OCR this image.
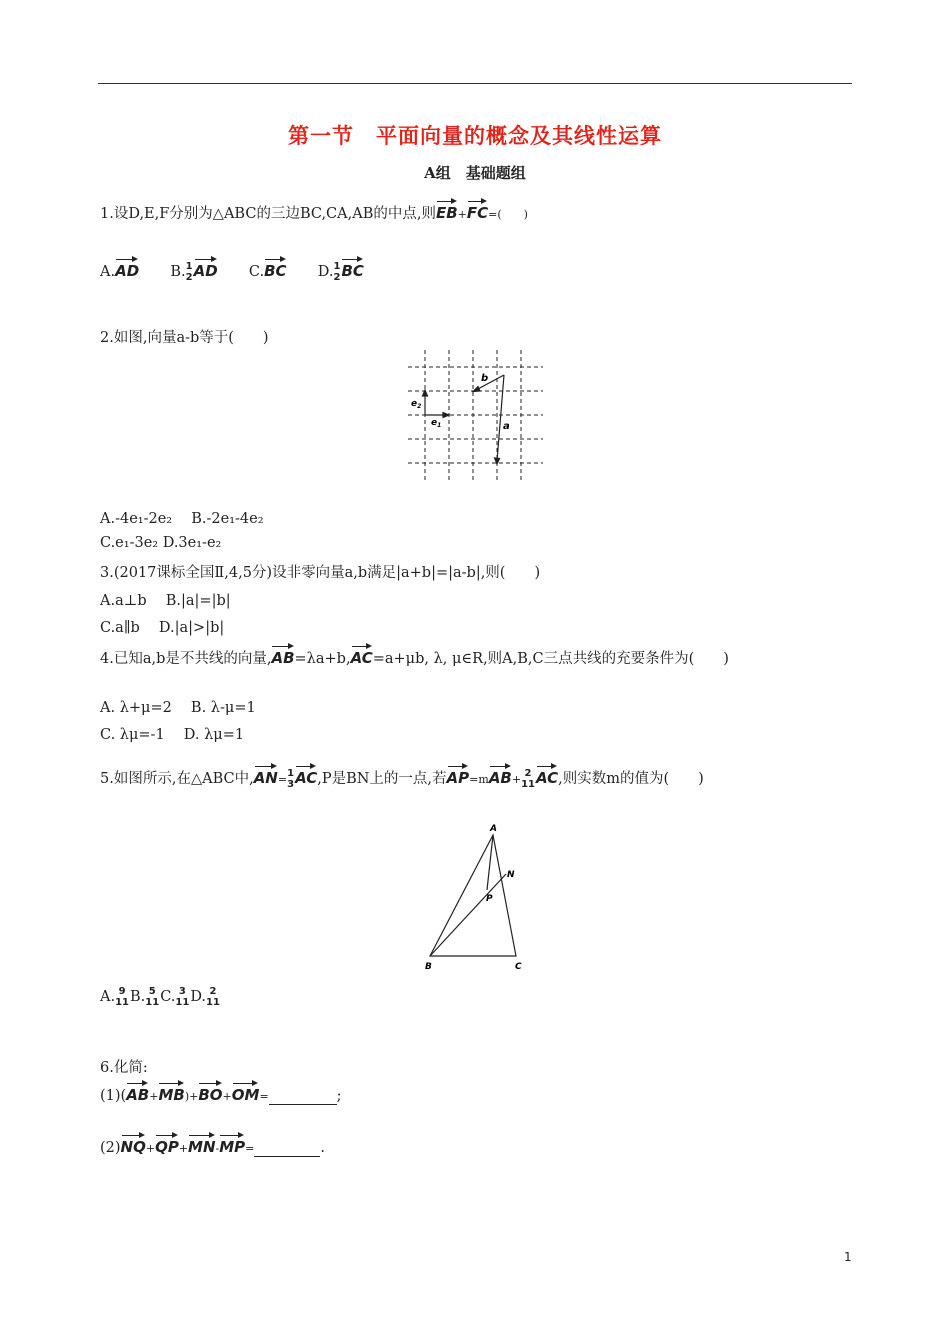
第一节　平面向量的概念及其线性运算
A组　基础题组
1.设D,E,F分别为△ABC的三边BC,CA,AB的中点,则EB+FC=(　　)
A.AD B. 1
2 AD C.BC D. 1
2 BC
2.如图,向量a-b等于(　　)
b
a
$e_2$
$e_1$
A.-4e₁-2e₂　 B.-2e₁-4e₂
C.e₁-3e₂ D.3e₁-e₂
3.(2017课标全国Ⅱ,4,5分)设非零向量a,b满足|a+b|=|a-b|,则(　　)
A.a⊥b　 B.|a|=|b|
C.a∥b　 D.|a|>|b|
4.已知a,b是不共线的向量,AB=λa+b,AC=a+μb, λ, μ∈R,则A,B,C三点共线的充要条件为(　　)
A. λ+μ=2　 B. λ-μ=1
C. λμ=-1　 D. λμ=1
5.如图所示,在△ABC中,AN= 1
3 AC,P是BN上的一点,若AP=mAB+ 2
11 AC,则实数m的值为(　　)
A
B	C
N
P
A. 9
11 B. 5
11 C. 3
11 D. 2
11
6.化简:
(1)(AB+MB)+BO+OM=	;
(2)NQ+QP+MN-MP=	.
1
